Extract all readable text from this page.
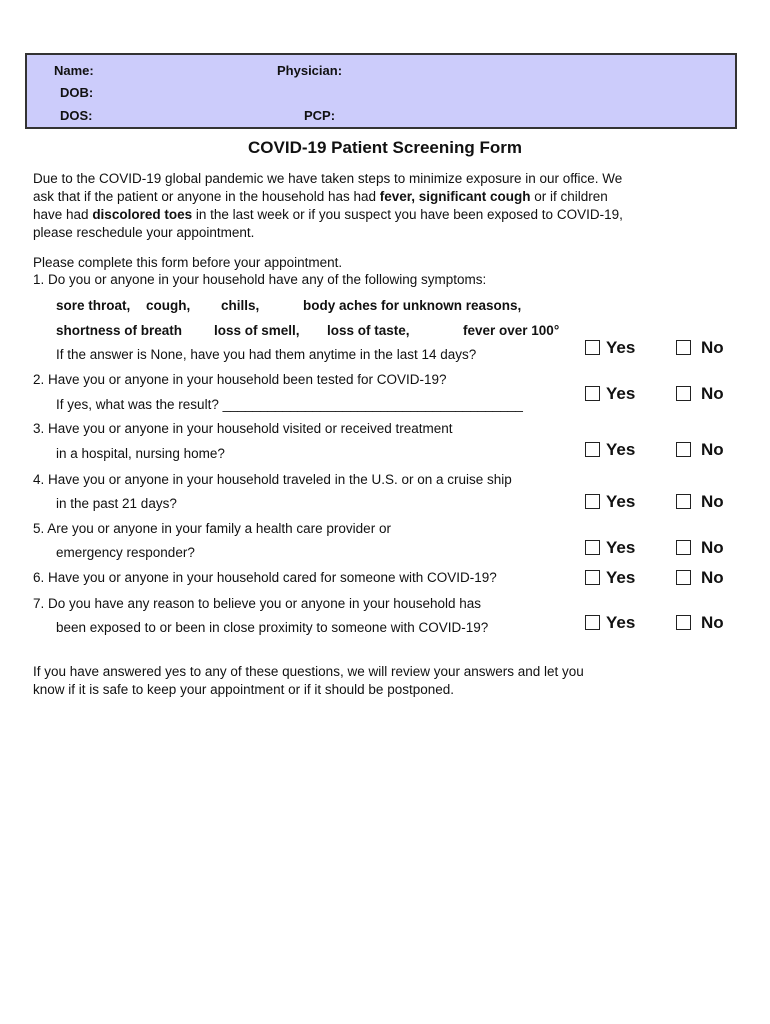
Name:	Physician:
DOB:
DOS:	PCP:
COVID-19 Patient Screening Form
Due to the COVID-19 global pandemic we have taken steps to minimize exposure in our office. We ask that if the patient or anyone in the household has had fever, significant cough or if children have had discolored toes in the last week or if you suspect you have been exposed to COVID-19, please reschedule your appointment.
Please complete this form before your appointment.
1. Do you or anyone in your household have any of the following symptoms:
sore throat, cough, chills,	body aches for unknown reasons,
shortness of breath loss of smell, loss of taste,	fever over 100°
If the answer is None, have you had them anytime in the last 14 days?
2. Have you or anyone in your household been tested for COVID-19?
If yes, what was the result? ________________________________________
3. Have you or anyone in your household visited or received treatment
in a hospital, nursing home?
4. Have you or anyone in your household traveled in the U.S. or on a cruise ship
in the past 21 days?
5. Are you or anyone in your family a health care provider or
emergency responder?
6. Have you or anyone in your household cared for someone with COVID-19?
7. Do you have any reason to believe you or anyone in your household has
been exposed to or been in close proximity to someone with COVID-19?
Yes	No
Yes	No
Yes	No
Yes	No
Yes	No
Yes	No
Yes	No
If you have answered yes to any of these questions, we will review your answers and let you know if it is safe to keep your appointment or if it should be postponed.
